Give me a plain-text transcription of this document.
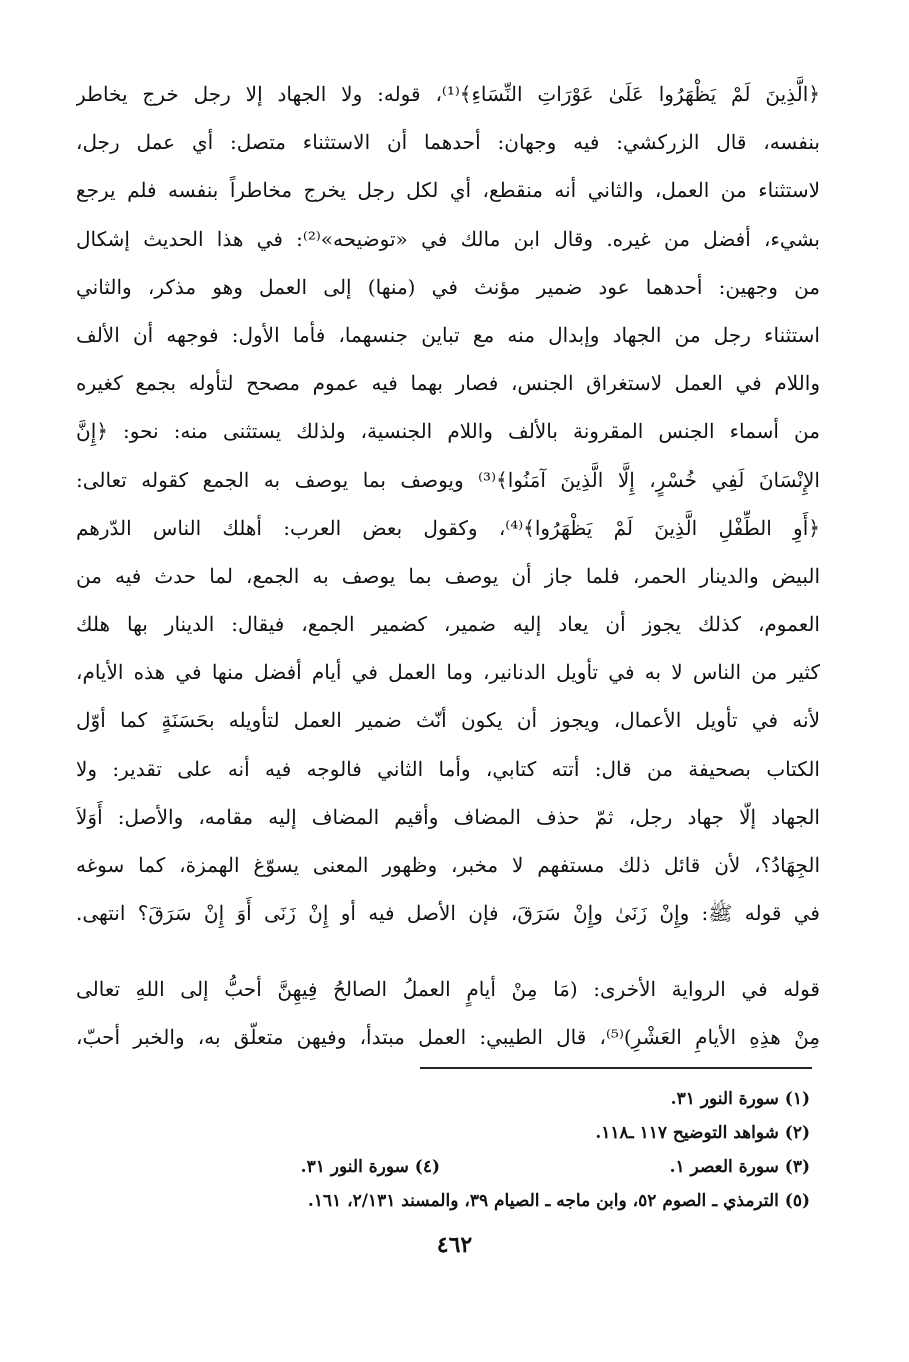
﴿الَّذِينَ لَمْ يَظْهَرُوا عَلَىٰ عَوْرَاتِ النِّسَاءِ﴾⁽¹⁾، قوله: ولا الجهاد إلا رجل خرج يخاطر
بنفسه، قال الزركشي: فيه وجهان: أحدهما أن الاستثناء متصل: أي عمل رجل،
لاستثناء من العمل، والثاني أنه منقطع، أي لكل رجل يخرج مخاطراً بنفسه فلم يرجع
بشيء، أفضل من غيره. وقال ابن مالك في «توضيحه»⁽²⁾: في هذا الحديث إشكال
من وجهين: أحدهما عود ضمير مؤنث في (منها) إلى العمل وهو مذكر، والثاني
استثناء رجل من الجهاد وإبدال منه مع تباين جنسهما، فأما الأول: فوجهه أن الألف
واللام في العمل لاستغراق الجنس، فصار بهما فيه عموم مصحح لتأوله بجمع كغيره
من أسماء الجنس المقرونة بالألف واللام الجنسية، ولذلك يستثنى منه: نحو: ﴿إِنَّ
الإِنْسَانَ لَفِي خُسْرٍ، إِلَّا الَّذِينَ آمَنُوا﴾⁽³⁾ ويوصف بما يوصف به الجمع كقوله تعالى:
﴿أَوِ الطِّفْلِ الَّذِينَ لَمْ يَظْهَرُوا﴾⁽⁴⁾، وكقول بعض العرب: أهلك الناس الدّرهم
البيض والدينار الحمر، فلما جاز أن يوصف بما يوصف به الجمع، لما حدث فيه من
العموم، كذلك يجوز أن يعاد إليه ضمير، كضمير الجمع، فيقال: الدينار بها هلك
كثير من الناس لا به في تأويل الدنانير، وما العمل في أيام أفضل منها في هذه الأيام،
لأنه في تأويل الأعمال، ويجوز أن يكون أنّث ضمير العمل لتأويله بحَسَنَةٍ كما أوّل
الكتاب بصحيفة من قال: أتته كتابي، وأما الثاني فالوجه فيه أنه على تقدير: ولا
الجهاد إلّا جهاد رجل، ثمّ حذف المضاف وأقيم المضاف إليه مقامه، والأصل: أَوَلاَ
الجِهَادُ؟، لأن قائل ذلك مستفهم لا مخبر، وظهور المعنى يسوّغ الهمزة، كما سوغه
في قوله ﷺ: وإِنْ زَنَىٰ وإِنْ سَرَقَ، فإن الأصل فيه أو إِنْ زَنَى أَوَ إِنْ سَرَقَ؟ انتهى.
قوله في الرواية الأخرى: (مَا مِنْ أيامٍ العملُ الصالحُ فِيهِنَّ أحبُّ إلى اللهِ تعالى
مِنْ هذِهِ الأيامِ العَشْرِ)⁽⁵⁾، قال الطيبي: العمل مبتدأ، وفيهن متعلّق به، والخبر أحبّ،
(١) سورة النور ٣١.
(٢) شواهد التوضيح ١١٧ ـ١١٨.
(٣) سورة العصر ١.
(٤) سورة النور ٣١.
(٥) الترمذي ـ الصوم ٥٢، وابن ماجه ـ الصيام ٣٩، والمسند ٢/١٣١، ١٦١.
٤٦٢
